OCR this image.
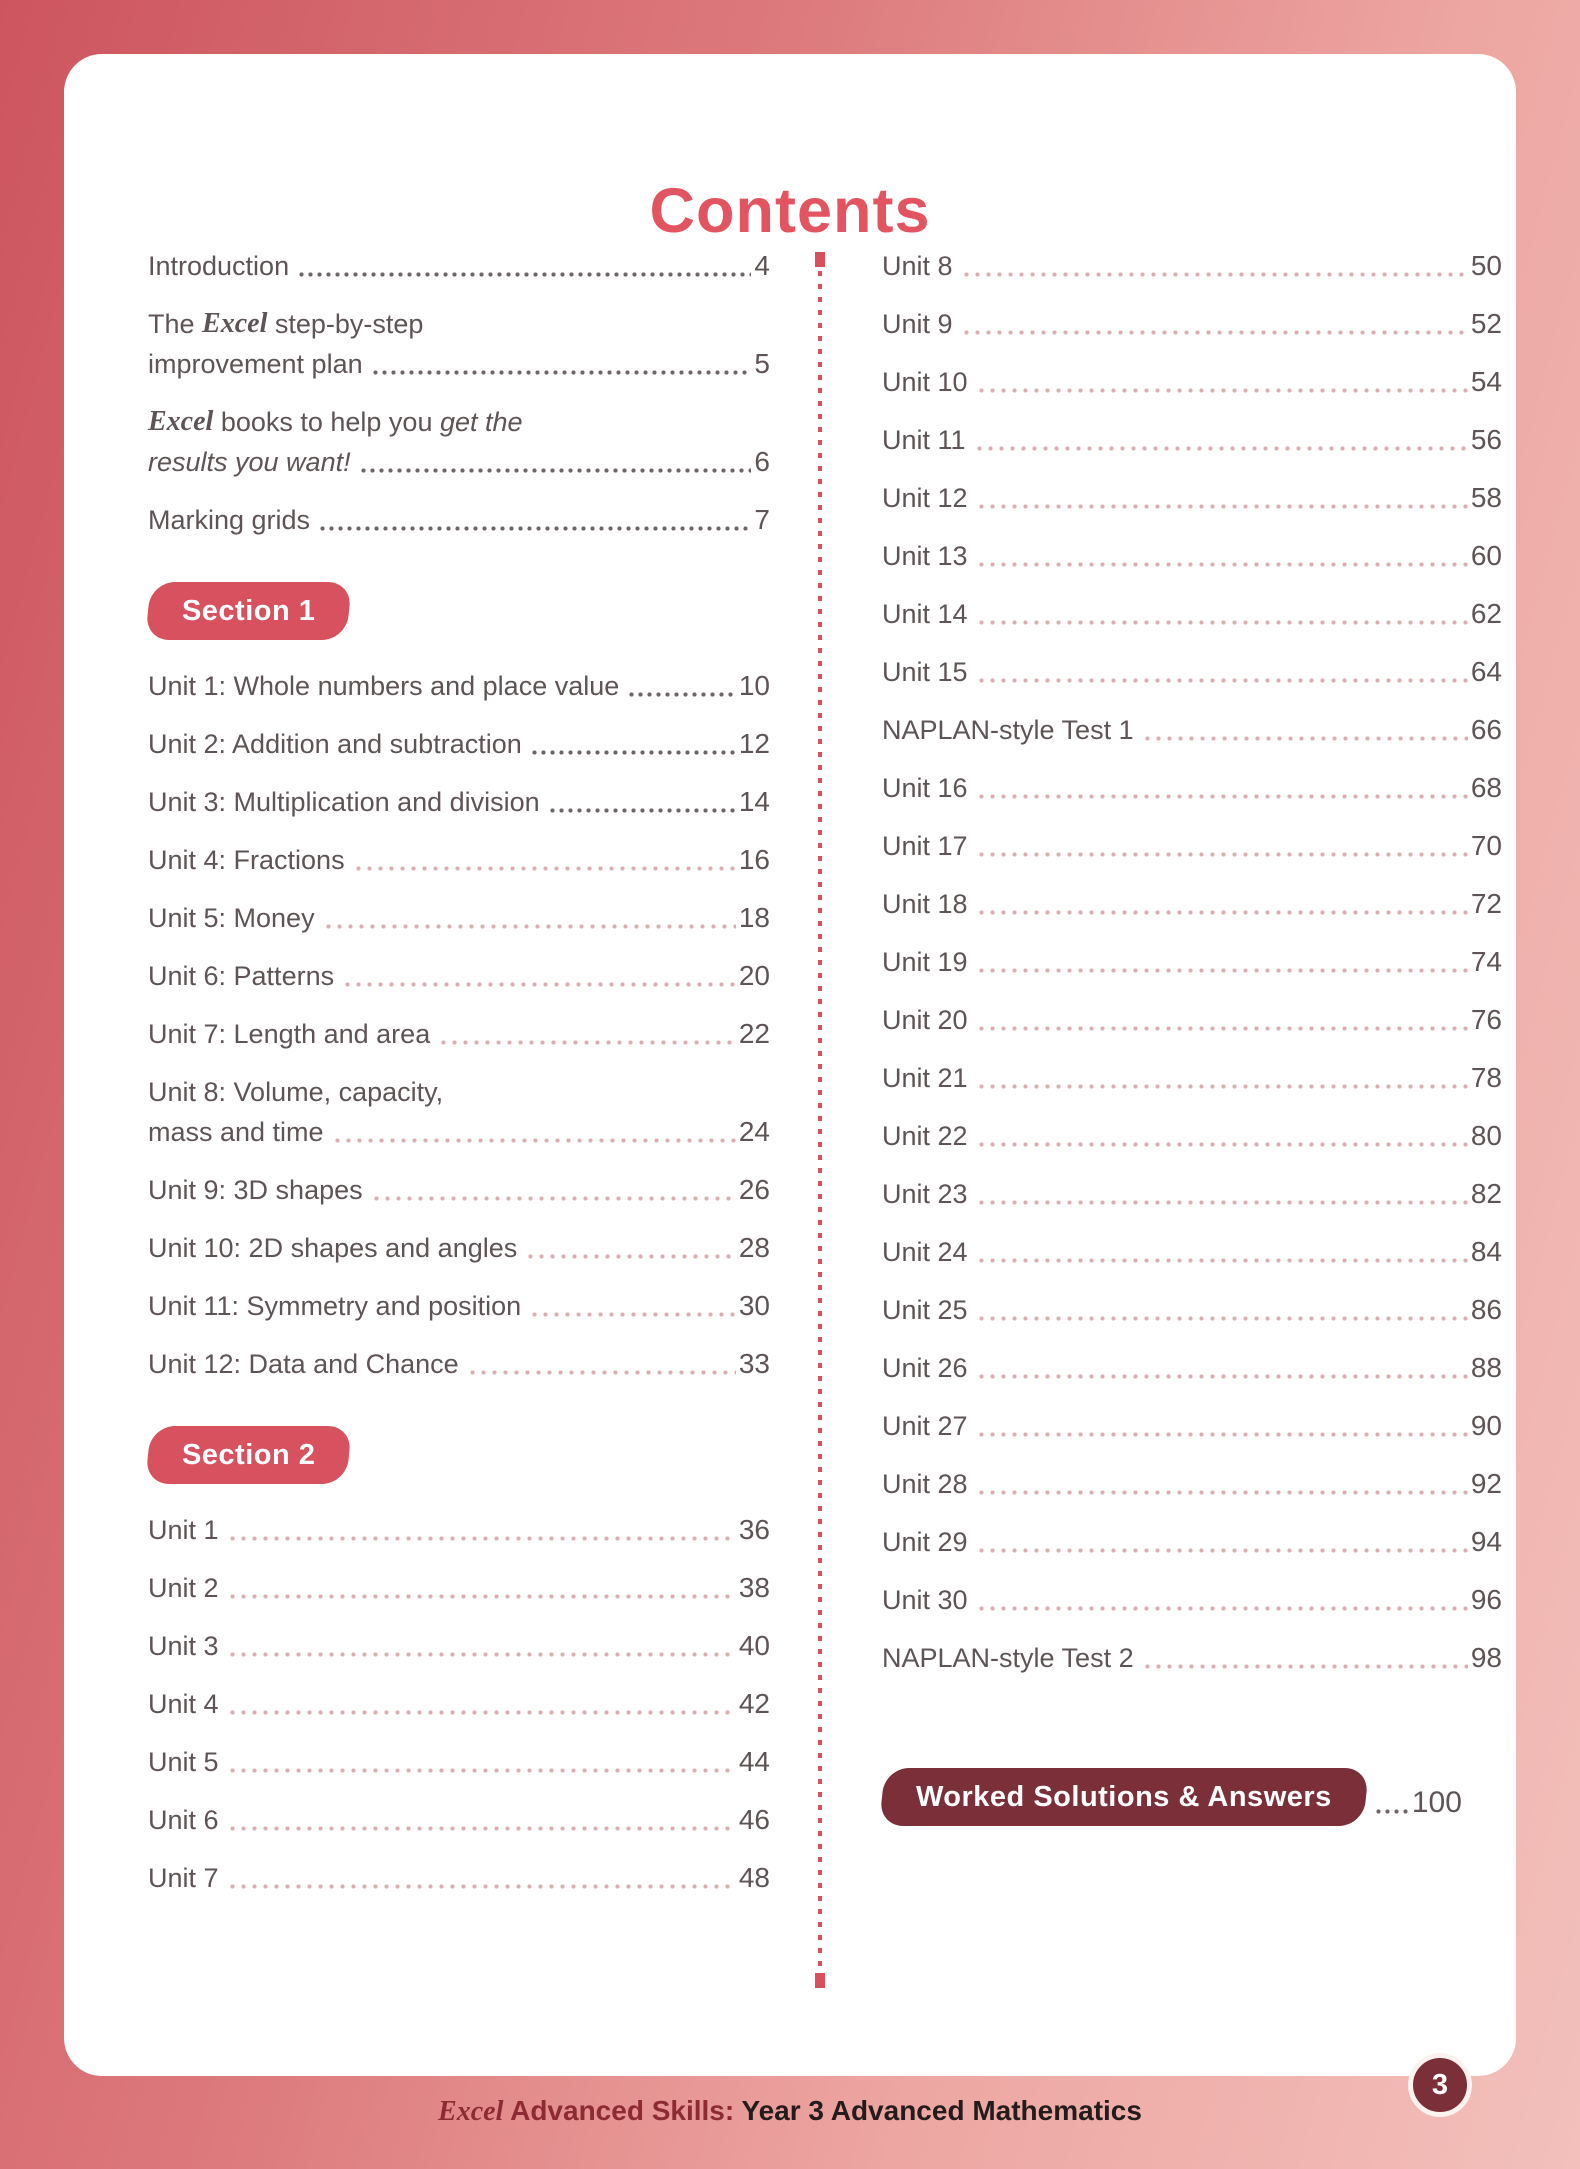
Contents
Introduction	4
The Excel step-by-step
improvement plan	5
Excel books to help you get the
results you want!	6
Marking grids	7
Section 1
Unit 1: Whole numbers and place value	10
Unit 2: Addition and subtraction	12
Unit 3: Multiplication and division	14
Unit 4: Fractions	16
Unit 5: Money	18
Unit 6: Patterns	20
Unit 7: Length and area	22
Unit 8: Volume, capacity,
mass and time	24
Unit 9: 3D shapes	26
Unit 10: 2D shapes and angles	28
Unit 11: Symmetry and position	30
Unit 12: Data and Chance	33
Section 2
Unit 1	36
Unit 2	38
Unit 3	40
Unit 4	42
Unit 5	44
Unit 6	46
Unit 7	48
Unit 8	50
Unit 9	52
Unit 10	54
Unit 11	56
Unit 12	58
Unit 13	60
Unit 14	62
Unit 15	64
NAPLAN-style Test 1	66
Unit 16	68
Unit 17	70
Unit 18	72
Unit 19	74
Unit 20	76
Unit 21	78
Unit 22	80
Unit 23	82
Unit 24	84
Unit 25	86
Unit 26	88
Unit 27	90
Unit 28	92
Unit 29	94
Unit 30	96
NAPLAN-style Test 2	98
Worked Solutions & Answers	100
Excel Advanced Skills: Year 3 Advanced Mathematics
3
